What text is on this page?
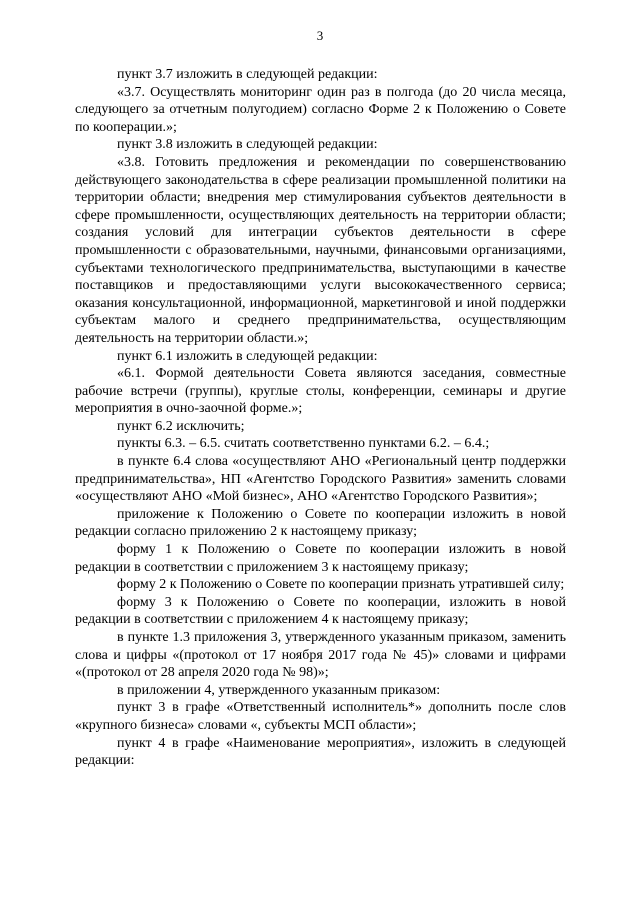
3

пункт 3.7 изложить в следующей редакции:

«3.7. Осуществлять мониторинг один раз в полгода (до 20 числа месяца, следующего за отчетным полугодием) согласно Форме 2 к Положению о Совете по кооперации.»;

пункт 3.8 изложить в следующей редакции:

«3.8. Готовить предложения и рекомендации по совершенствованию действующего законодательства в сфере реализации промышленной политики на территории области; внедрения мер стимулирования субъектов деятельности в сфере промышленности, осуществляющих деятельность на территории области; создания условий для интеграции субъектов деятельности в сфере промышленности с образовательными, научными, финансовыми организациями, субъектами технологического предпринимательства, выступающими в качестве поставщиков и предоставляющими услуги высококачественного сервиса; оказания консультационной, информационной, маркетинговой и иной поддержки субъектам малого и среднего предпринимательства, осуществляющим деятельность на территории области.»;

пункт 6.1 изложить в следующей редакции:

«6.1. Формой деятельности Совета являются заседания, совместные рабочие встречи (группы), круглые столы, конференции, семинары и другие мероприятия в очно-заочной форме.»;

пункт 6.2 исключить;

пункты 6.3. – 6.5. считать соответственно пунктами 6.2. – 6.4.;

в пункте 6.4 слова «осуществляют АНО «Региональный центр поддержки предпринимательства», НП «Агентство Городского Развития» заменить словами «осуществляют АНО «Мой бизнес», АНО «Агентство Городского Развития»;

приложение к Положению о Совете по кооперации изложить в новой редакции согласно приложению 2 к настоящему приказу;

форму 1 к Положению о Совете по кооперации изложить в новой редакции в соответствии с приложением 3 к настоящему приказу;

форму 2 к Положению о Совете по кооперации признать утратившей силу;

форму 3 к Положению о Совете по кооперации, изложить в новой редакции в соответствии с приложением 4 к настоящему приказу;

в пункте 1.3 приложения 3, утвержденного указанным приказом, заменить слова и цифры «(протокол от 17 ноября 2017 года № 45)» словами и цифрами «(протокол от 28 апреля 2020 года № 98)»;

в приложении 4, утвержденного указанным приказом:

пункт 3 в графе «Ответственный исполнитель*» дополнить после слов «крупного бизнеса» словами «, субъекты МСП области»;

пункт 4 в графе «Наименование мероприятия», изложить в следующей редакции:
